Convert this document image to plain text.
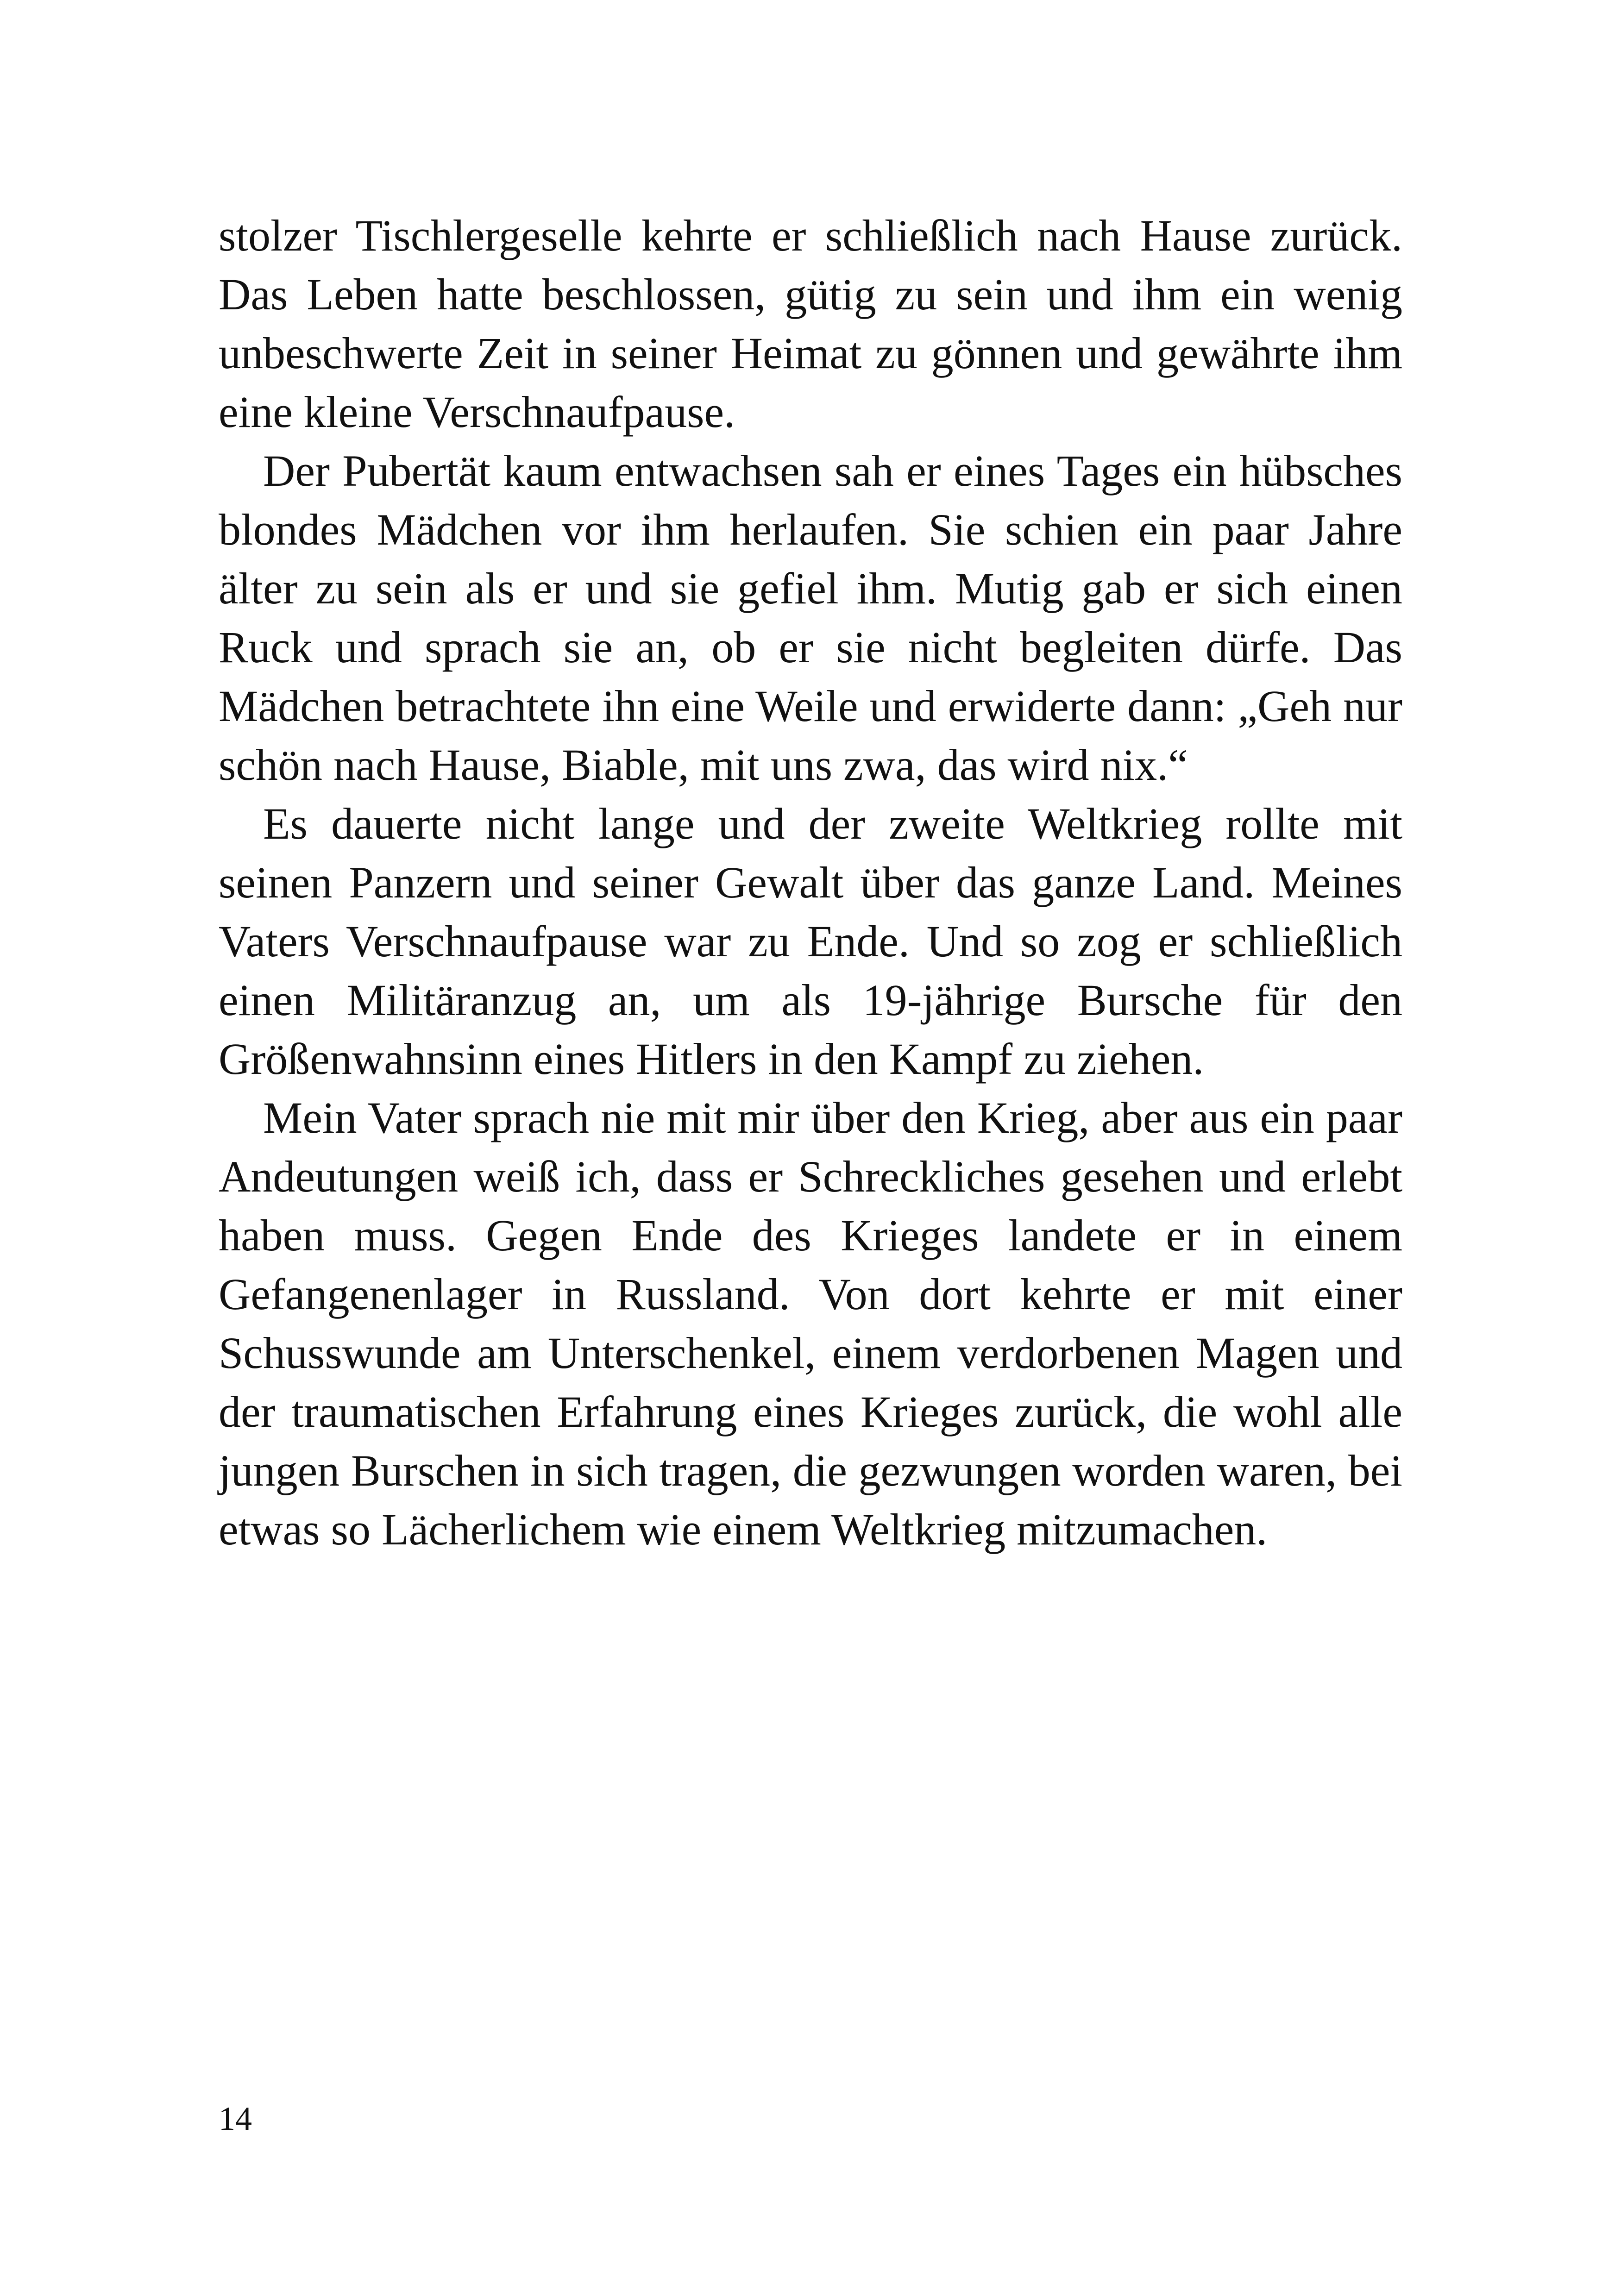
stolzer Tischlergeselle kehrte er schließlich nach Hause zurück. Das Leben hatte beschlossen, gütig zu sein und ihm ein wenig unbeschwerte Zeit in seiner Heimat zu gönnen und gewährte ihm eine kleine Verschnaufpause.

Der Pubertät kaum entwachsen sah er eines Tages ein hübsches blondes Mädchen vor ihm herlaufen. Sie schien ein paar Jahre älter zu sein als er und sie gefiel ihm. Mutig gab er sich einen Ruck und sprach sie an, ob er sie nicht begleiten dürfe. Das Mädchen betrachtete ihn eine Weile und erwiderte dann: „Geh nur schön nach Hause, Biable, mit uns zwa, das wird nix.“

Es dauerte nicht lange und der zweite Weltkrieg rollte mit seinen Panzern und seiner Gewalt über das ganze Land. Meines Vaters Verschnaufpause war zu Ende. Und so zog er schließlich einen Militäranzug an, um als 19-jährige Bursche für den Größenwahnsinn eines Hitlers in den Kampf zu ziehen.

Mein Vater sprach nie mit mir über den Krieg, aber aus ein paar Andeutungen weiß ich, dass er Schreckliches gesehen und erlebt haben muss. Gegen Ende des Krieges landete er in einem Gefangenenlager in Russland. Von dort kehrte er mit einer Schusswunde am Unterschenkel, einem verdorbenen Magen und der traumatischen Erfahrung eines Krieges zurück, die wohl alle jungen Burschen in sich tragen, die gezwungen worden waren, bei etwas so Lächerlichem wie einem Weltkrieg mitzumachen.

14
